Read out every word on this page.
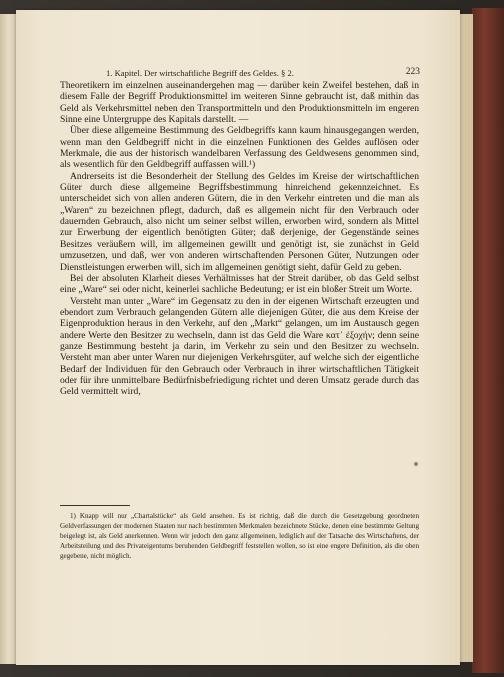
1. Kapitel. Der wirtschaftliche Begriff des Geldes. § 2.	223

Theoretikern im einzelnen auseinandergehen mag — darüber kein Zweifel bestehen, daß in diesem Falle der Begriff Produktionsmittel im weiteren Sinne gebraucht ist, daß mithin das Geld als Verkehrsmittel neben den Transportmitteln und den Produktionsmitteln im engeren Sinne eine Untergruppe des Kapitals darstellt. —

Über diese allgemeine Bestimmung des Geldbegriffs kann kaum hinausgegangen werden, wenn man den Geldbegriff nicht in die einzelnen Funktionen des Geldes auflösen oder Merkmale, die aus der historisch wandelbaren Verfassung des Geldwesens genommen sind, als wesentlich für den Geldbegriff auffassen will.¹)

Andrerseits ist die Besonderheit der Stellung des Geldes im Kreise der wirtschaftlichen Güter durch diese allgemeine Begriffsbestimmung hinreichend gekennzeichnet. Es unterscheidet sich von allen anderen Gütern, die in den Verkehr eintreten und die man als „Waren“ zu bezeichnen pflegt, dadurch, daß es allgemein nicht für den Verbrauch oder dauernden Gebrauch, also nicht um seiner selbst willen, erworben wird, sondern als Mittel zur Erwerbung der eigentlich benötigten Güter; daß derjenige, der Gegenstände seines Besitzes veräußern will, im allgemeinen gewillt und genötigt ist, sie zunächst in Geld umzusetzen, und daß, wer von anderen wirtschaftenden Personen Güter, Nutzungen oder Dienstleistungen erwerben will, sich im allgemeinen genötigt sieht, dafür Geld zu geben.

Bei der absoluten Klarheit dieses Verhältnisses hat der Streit darüber, ob das Geld selbst eine „Ware“ sei oder nicht, keinerlei sachliche Bedeutung; er ist ein bloßer Streit um Worte.

Versteht man unter „Ware“ im Gegensatz zu den in der eigenen Wirtschaft erzeugten und ebendort zum Verbrauch gelangenden Gütern alle diejenigen Güter, die aus dem Kreise der Eigenproduktion heraus in den Verkehr, auf den „Markt“ gelangen, um im Austausch gegen andere Werte den Besitzer zu wechseln, dann ist das Geld die Ware κατ᾽ ἐξοχήν; denn seine ganze Bestimmung besteht ja darin, im Verkehr zu sein und den Besitzer zu wechseln. Versteht man aber unter Waren nur diejenigen Verkehrsgüter, auf welche sich der eigentliche Bedarf der Individuen für den Gebrauch oder Verbrauch in ihrer wirtschaftlichen Tätigkeit oder für ihre unmittelbare Bedürfnisbefriedigung richtet und deren Umsatz gerade durch das Geld vermittelt wird,

1) Knapp will nur „Chartalstücke“ als Geld ansehen. Es ist richtig, daß die durch die Gesetzgebung geordneten Geldverfassungen der modernen Staaten nur nach bestimmten Merkmalen bezeichnete Stücke, denen eine bestimmte Geltung beigelegt ist, als Geld anerkennen. Wenn wir jedoch den ganz allgemeinen, lediglich auf der Tatsache des Wirtschaftens, der Arbeitsteilung und des Privateigentums beruhenden Geldbegriff feststellen wollen, so ist eine engere Definition, als die oben gegebene, nicht möglich.
